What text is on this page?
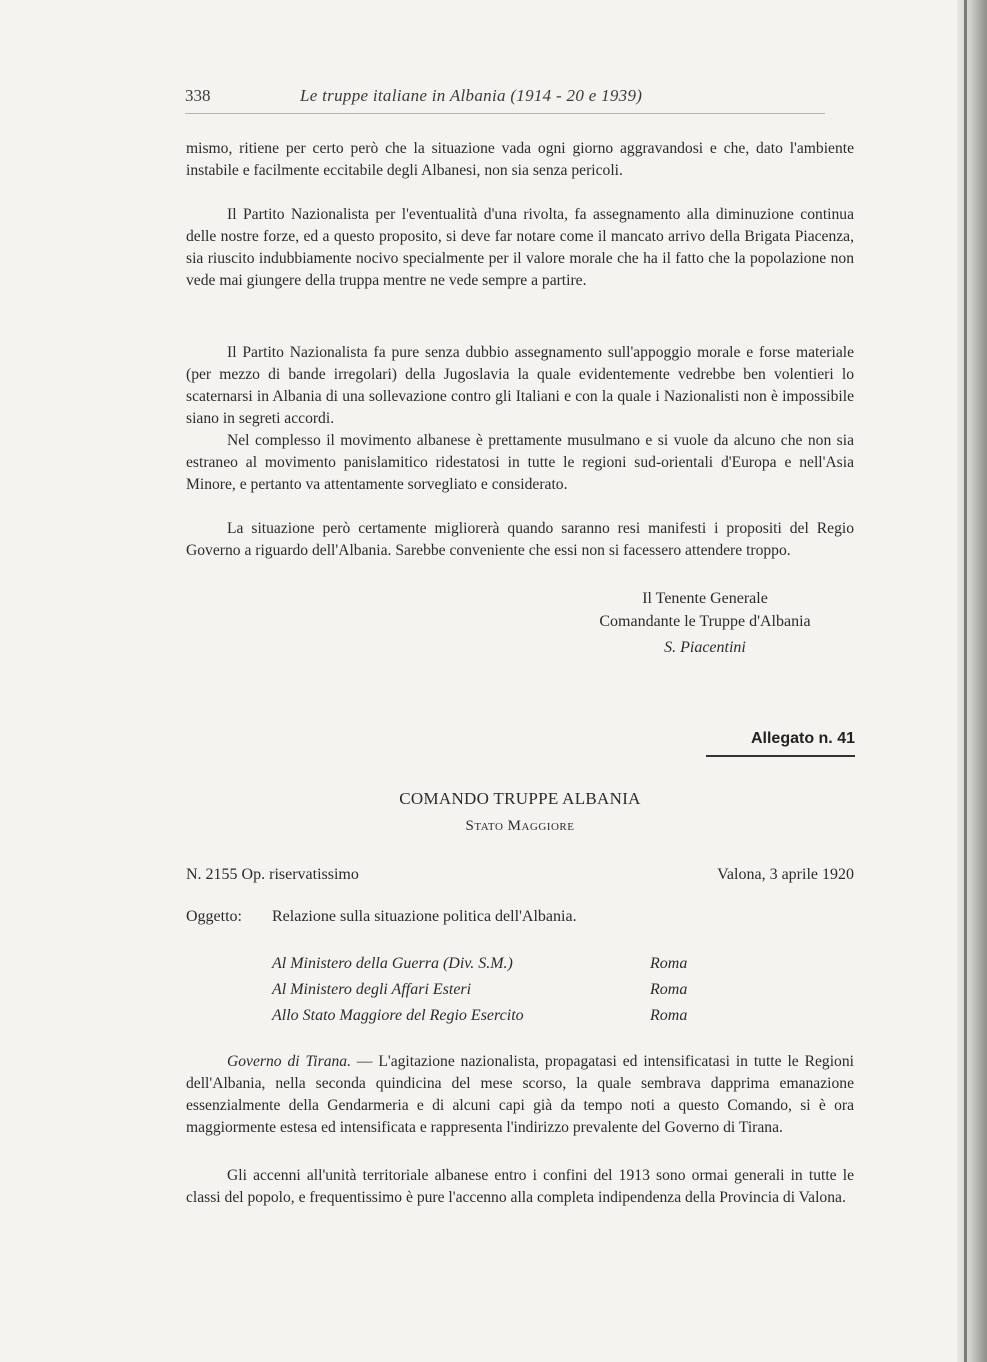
338	Le truppe italiane in Albania (1914 - 20 e 1939)

mismo, ritiene per certo però che la situazione vada ogni giorno aggravandosi e che, dato l'ambiente instabile e facilmente eccitabile degli Albanesi, non sia senza pericoli.

Il Partito Nazionalista per l'eventualità d'una rivolta, fa assegnamento alla diminuzione continua delle nostre forze, ed a questo proposito, si deve far notare come il mancato arrivo della Brigata Piacenza, sia riuscito indubbiamente nocivo specialmente per il valore morale che ha il fatto che la popolazione non vede mai giungere della truppa mentre ne vede sempre a partire.

Il Partito Nazionalista fa pure senza dubbio assegnamento sull'appoggio morale e forse materiale (per mezzo di bande irregolari) della Jugoslavia la quale evidentemente vedrebbe ben volentieri lo scaternarsi in Albania di una sollevazione contro gli Italiani e con la quale i Nazionalisti non è impossibile siano in segreti accordi.

Nel complesso il movimento albanese è prettamente musulmano e si vuole da alcuno che non sia estraneo al movimento panislamitico ridestatosi in tutte le regioni sud-orientali d'Europa e nell'Asia Minore, e pertanto va attentamente sorvegliato e considerato.

La situazione però certamente migliorerà quando saranno resi manifesti i propositi del Regio Governo a riguardo dell'Albania. Sarebbe conveniente che essi non si facessero attendere troppo.

Il Tenente Generale

Comandante le Truppe d'Albania

S. Piacentini

Allegato n. 41

COMANDO TRUPPE ALBANIA

Stato Maggiore

N. 2155 Op. riservatissimo	Valona, 3 aprile 1920
Oggetto: Relazione sulla situazione politica dell'Albania.
Al Ministero della Guerra (Div. S.M.)	Roma
Al Ministero degli Affari Esteri	Roma
Allo Stato Maggiore del Regio Esercito	Roma

Governo di Tirana. — L'agitazione nazionalista, propagatasi ed intensificatasi in tutte le Regioni dell'Albania, nella seconda quindicina del mese scorso, la quale sembrava dapprima emanazione essenzialmente della Gendarmeria e di alcuni capi già da tempo noti a questo Comando, si è ora maggiormente estesa ed intensificata e rappresenta l'indirizzo prevalente del Governo di Tirana.

Gli accenni all'unità territoriale albanese entro i confini del 1913 sono ormai generali in tutte le classi del popolo, e frequentissimo è pure l'accenno alla completa indipendenza della Provincia di Valona.
